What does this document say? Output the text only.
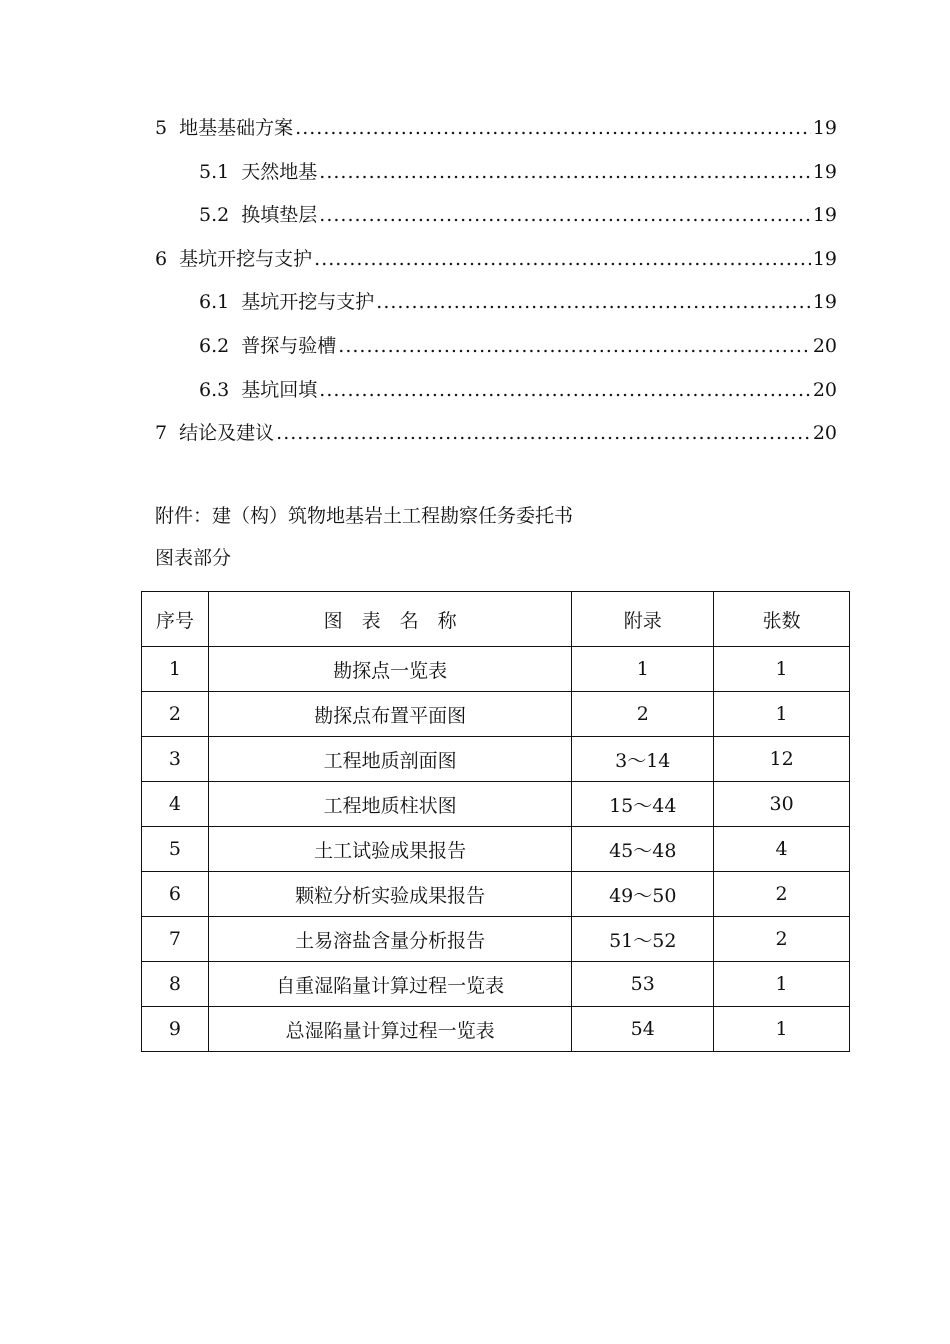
5  地基基础方案 .....	19
5.1  天然地基 .....	19
5.2  换填垫层 .....	19
6  基坑开挖与支护 .....	19
6.1  基坑开挖与支护 .....	19
6.2  普探与验槽 .....	20
6.3  基坑回填 .....	20
7  结论及建议 .....	20
附件：建（构）筑物地基岩土工程勘察任务委托书
图表部分
序号	图　表　名　称	附录	张数
1	勘探点一览表	1	1
2	勘探点布置平面图	2	1
3	工程地质剖面图	3～14	12
4	工程地质柱状图	15～44	30
5	土工试验成果报告	45～48	4
6	颗粒分析实验成果报告	49～50	2
7	土易溶盐含量分析报告	51～52	2
8	自重湿陷量计算过程一览表	53	1
9	总湿陷量计算过程一览表	54	1
